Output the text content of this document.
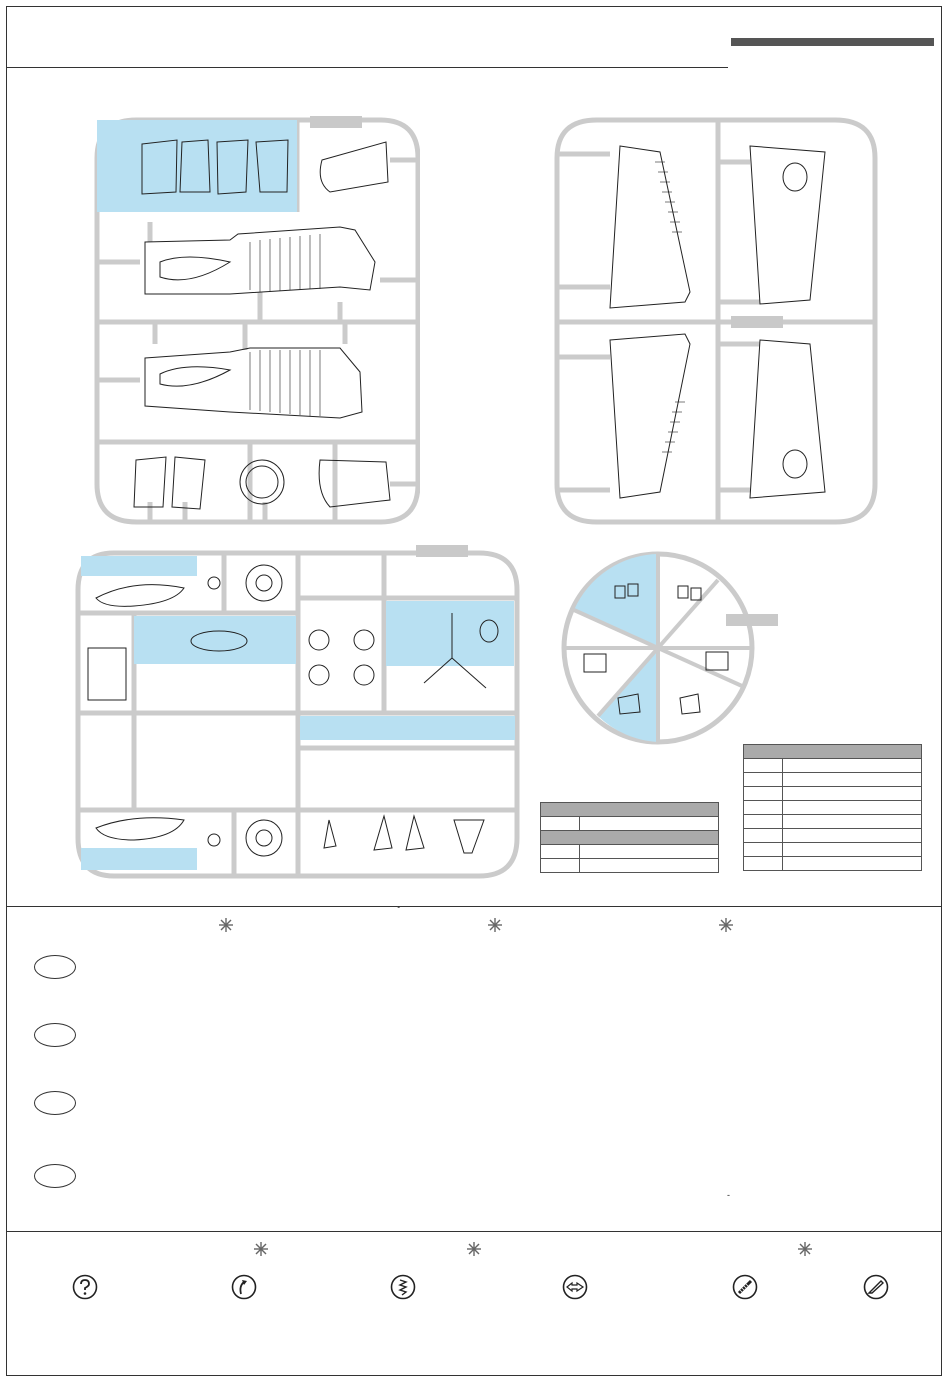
ˇ
-
